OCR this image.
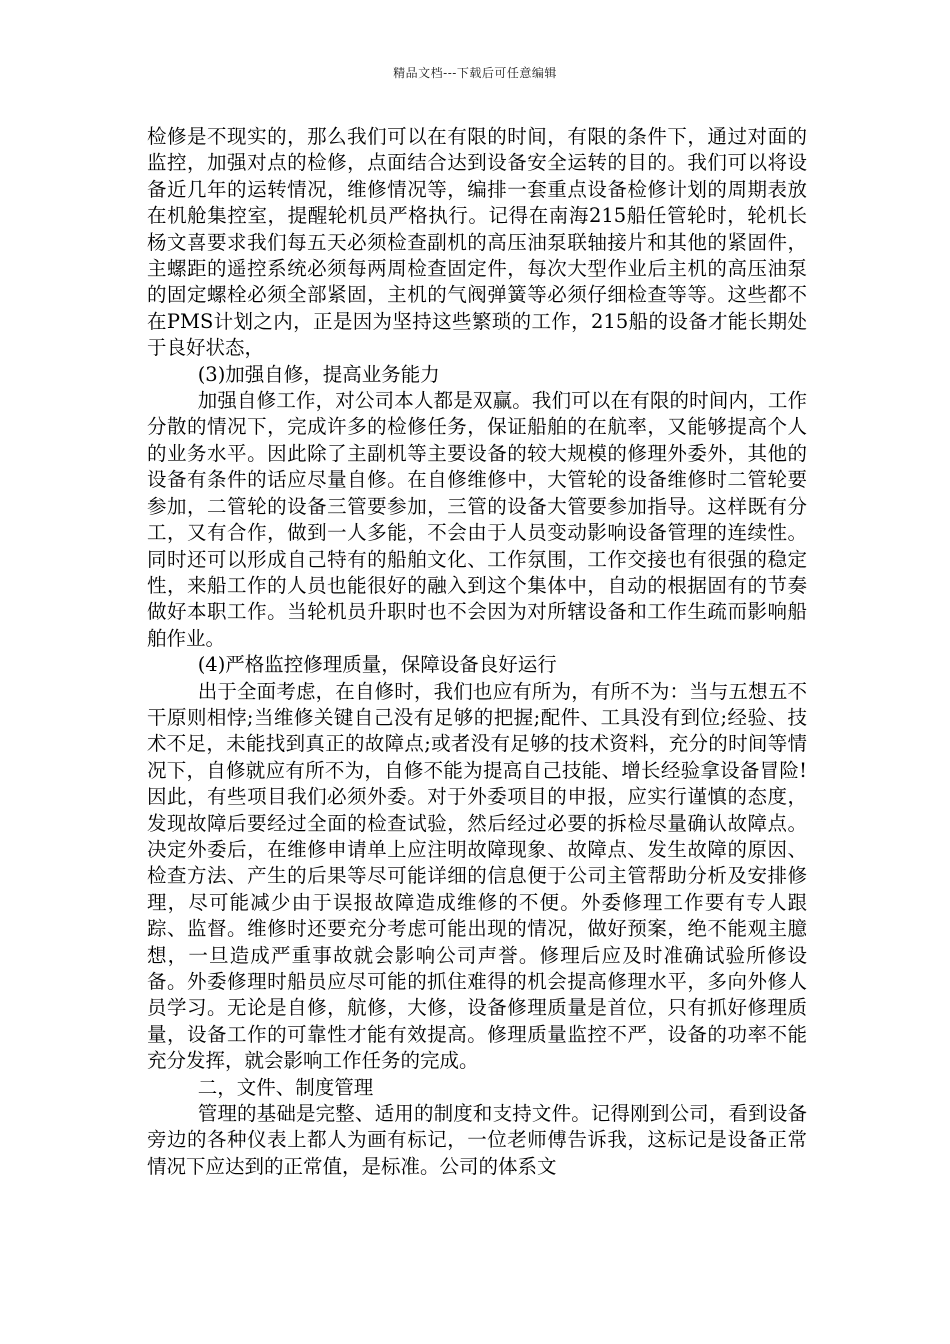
精品文档---下载后可任意编辑

检修是不现实的，那么我们可以在有限的时间，有限的条件下，通过对面的监控，加强对点的检修，点面结合达到设备安全运转的目的。我们可以将设备近几年的运转情况，维修情况等，编排一套重点设备检修计划的周期表放在机舱集控室，提醒轮机员严格执行。记得在南海215船任管轮时，轮机长杨文喜要求我们每五天必须检查副机的高压油泵联轴接片和其他的紧固件，主螺距的遥控系统必须每两周检查固定件，每次大型作业后主机的高压油泵的固定螺栓必须全部紧固，主机的气阀弹簧等必须仔细检查等等。这些都不在PMS计划之内，正是因为坚持这些繁琐的工作，215船的设备才能长期处于良好状态，

(3)加强自修，提高业务能力

加强自修工作，对公司本人都是双赢。我们可以在有限的时间内，工作分散的情况下，完成许多的检修任务，保证船舶的在航率，又能够提高个人的业务水平。因此除了主副机等主要设备的较大规模的修理外委外，其他的设备有条件的话应尽量自修。在自修维修中，大管轮的设备维修时二管轮要参加，二管轮的设备三管要参加，三管的设备大管要参加指导。这样既有分工，又有合作，做到一人多能，不会由于人员变动影响设备管理的连续性。同时还可以形成自己特有的船舶文化、工作氛围，工作交接也有很强的稳定性，来船工作的人员也能很好的融入到这个集体中，自动的根据固有的节奏做好本职工作。当轮机员升职时也不会因为对所辖设备和工作生疏而影响船舶作业。

(4)严格监控修理质量，保障设备良好运行

出于全面考虑，在自修时，我们也应有所为，有所不为：当与五想五不干原则相悖;当维修关键自己没有足够的把握;配件、工具没有到位;经验、技术不足，未能找到真正的故障点;或者没有足够的技术资料，充分的时间等情况下，自修就应有所不为，自修不能为提高自己技能、增长经验拿设备冒险!因此，有些项目我们必须外委。对于外委项目的申报，应实行谨慎的态度，发现故障后要经过全面的检查试验，然后经过必要的拆检尽量确认故障点。决定外委后，在维修申请单上应注明故障现象、故障点、发生故障的原因、检查方法、产生的后果等尽可能详细的信息便于公司主管帮助分析及安排修理，尽可能减少由于误报故障造成维修的不便。外委修理工作要有专人跟踪、监督。维修时还要充分考虑可能出现的情况，做好预案，绝不能观主臆想，一旦造成严重事故就会影响公司声誉。修理后应及时准确试验所修设备。外委修理时船员应尽可能的抓住难得的机会提高修理水平，多向外修人员学习。无论是自修，航修，大修，设备修理质量是首位，只有抓好修理质量，设备工作的可靠性才能有效提高。修理质量监控不严，设备的功率不能充分发挥，就会影响工作任务的完成。

二，文件、制度管理

管理的基础是完整、适用的制度和支持文件。记得刚到公司，看到设备旁边的各种仪表上都人为画有标记，一位老师傅告诉我，这标记是设备正常情况下应达到的正常值，是标准。公司的体系文
